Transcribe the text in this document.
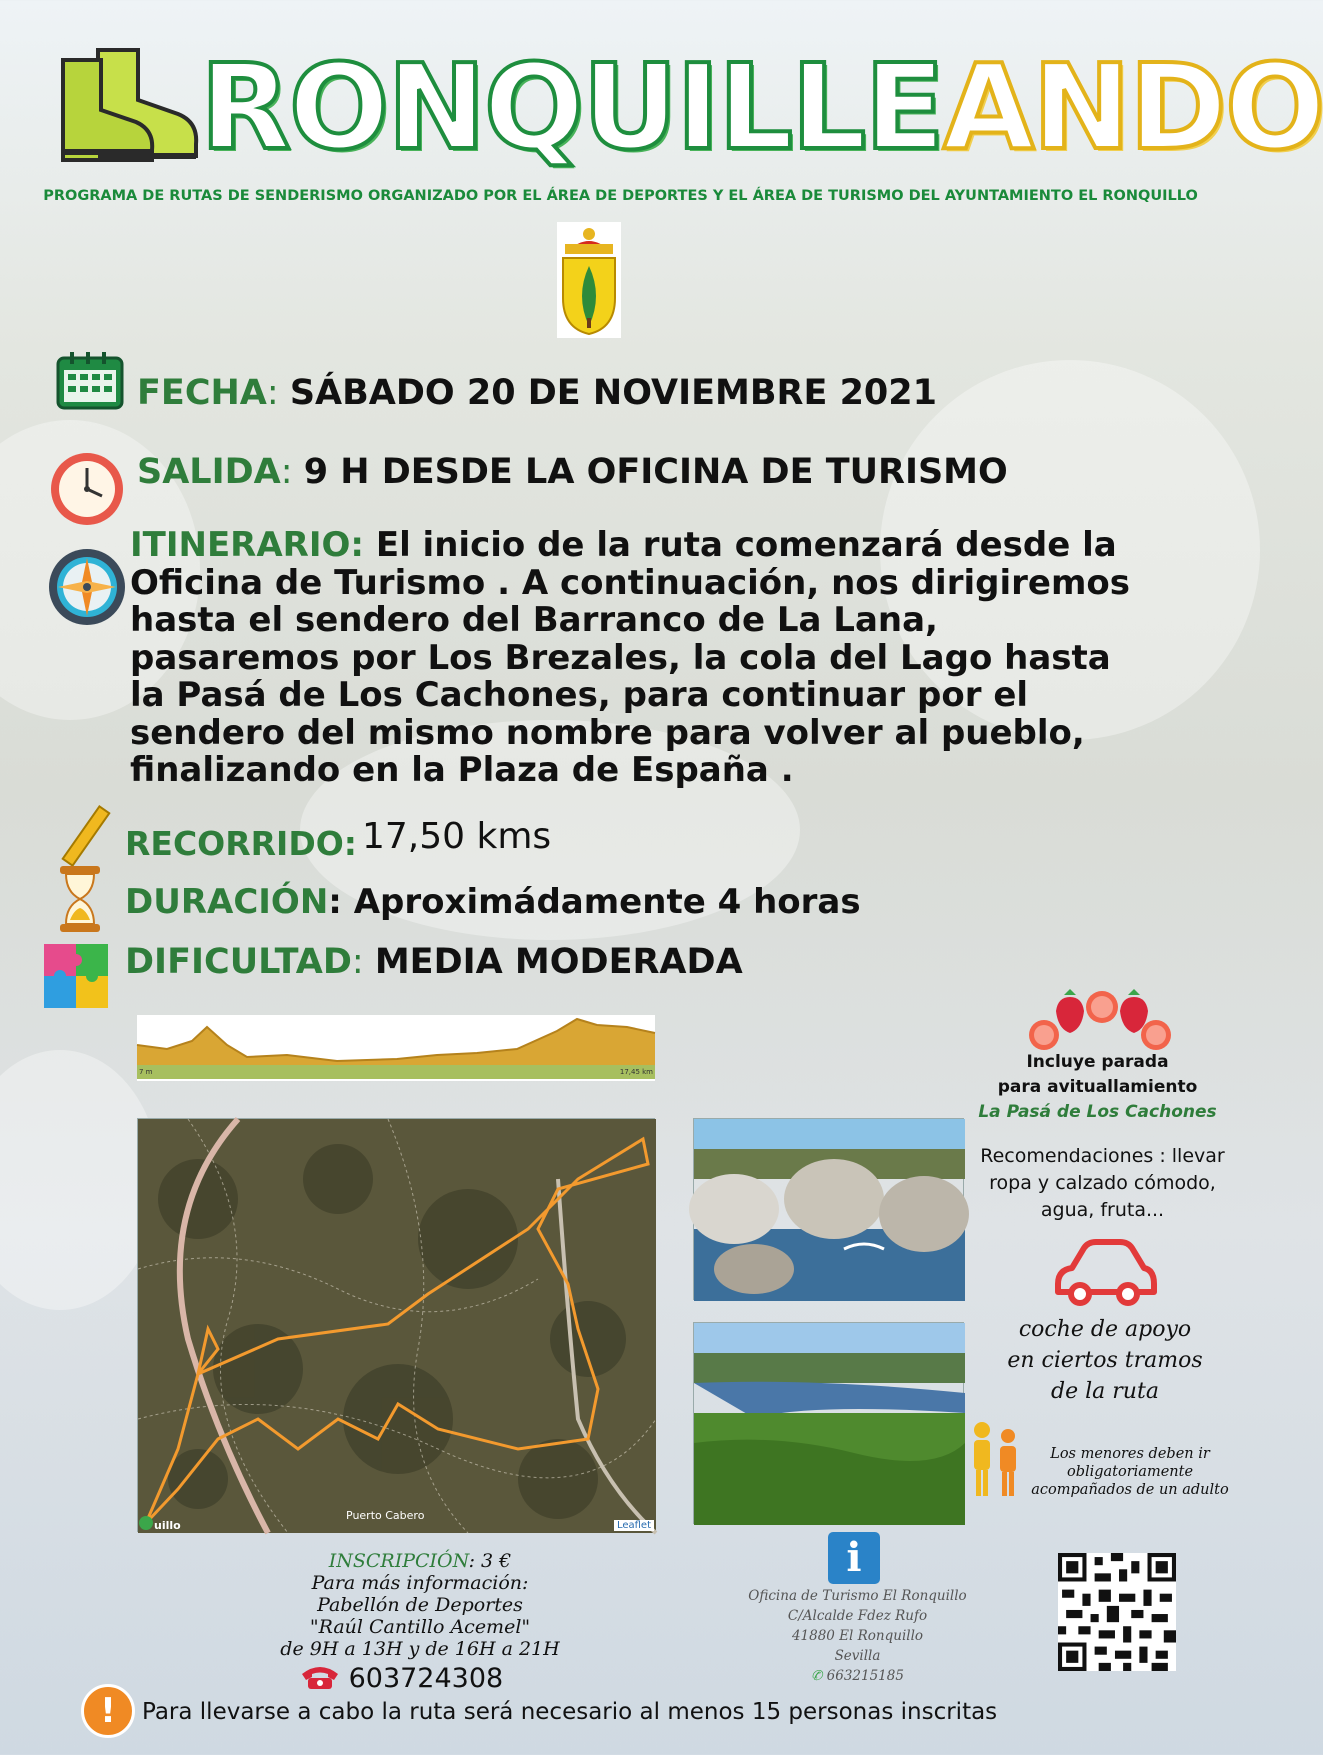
RONQUILLEANDO
PROGRAMA DE RUTAS DE SENDERISMO ORGANIZADO POR EL ÁREA DE DEPORTES Y EL ÁREA DE TURISMO DEL AYUNTAMIENTO EL RONQUILLO
FECHA: SÁBADO 20 DE NOVIEMBRE 2021
SALIDA: 9 H DESDE LA OFICINA DE TURISMO
ITINERARIO: El inicio de la ruta comenzará desde la Oficina de Turismo . A continuación, nos dirigiremos hasta el sendero del Barranco de La Lana, pasaremos por Los Brezales, la cola del Lago hasta la Pasá de Los Cachones, para continuar por el sendero del mismo nombre para volver al pueblo, finalizando en la Plaza de España .
RECORRIDO: 17,50 kms
DURACIÓN: Aproximádamente 4 horas
DIFICULTAD: MEDIA MODERADA
7 m	17,45 km
Puerto Cabero
uillo	Leaflet
Incluye parada
para avituallamiento
La Pasá de Los Cachones
Recomendaciones : llevar
ropa y calzado cómodo,
agua, fruta...
coche de apoyo
en ciertos tramos
de la ruta
Los menores deben ir
obligatoriamente
acompañados de un adulto
INSCRIPCIÓN: 3 €
Para más información:
Pabellón de Deportes
"Raúl Cantillo Acemel"
de 9H a 13H y de 16H a 21H
603724308
i
Oficina de Turismo El Ronquillo
C/Alcalde Fdez Rufo
41880 El Ronquillo
Sevilla
✆ 663215185
!	Para llevarse a cabo la ruta será necesario al menos 15 personas inscritas
